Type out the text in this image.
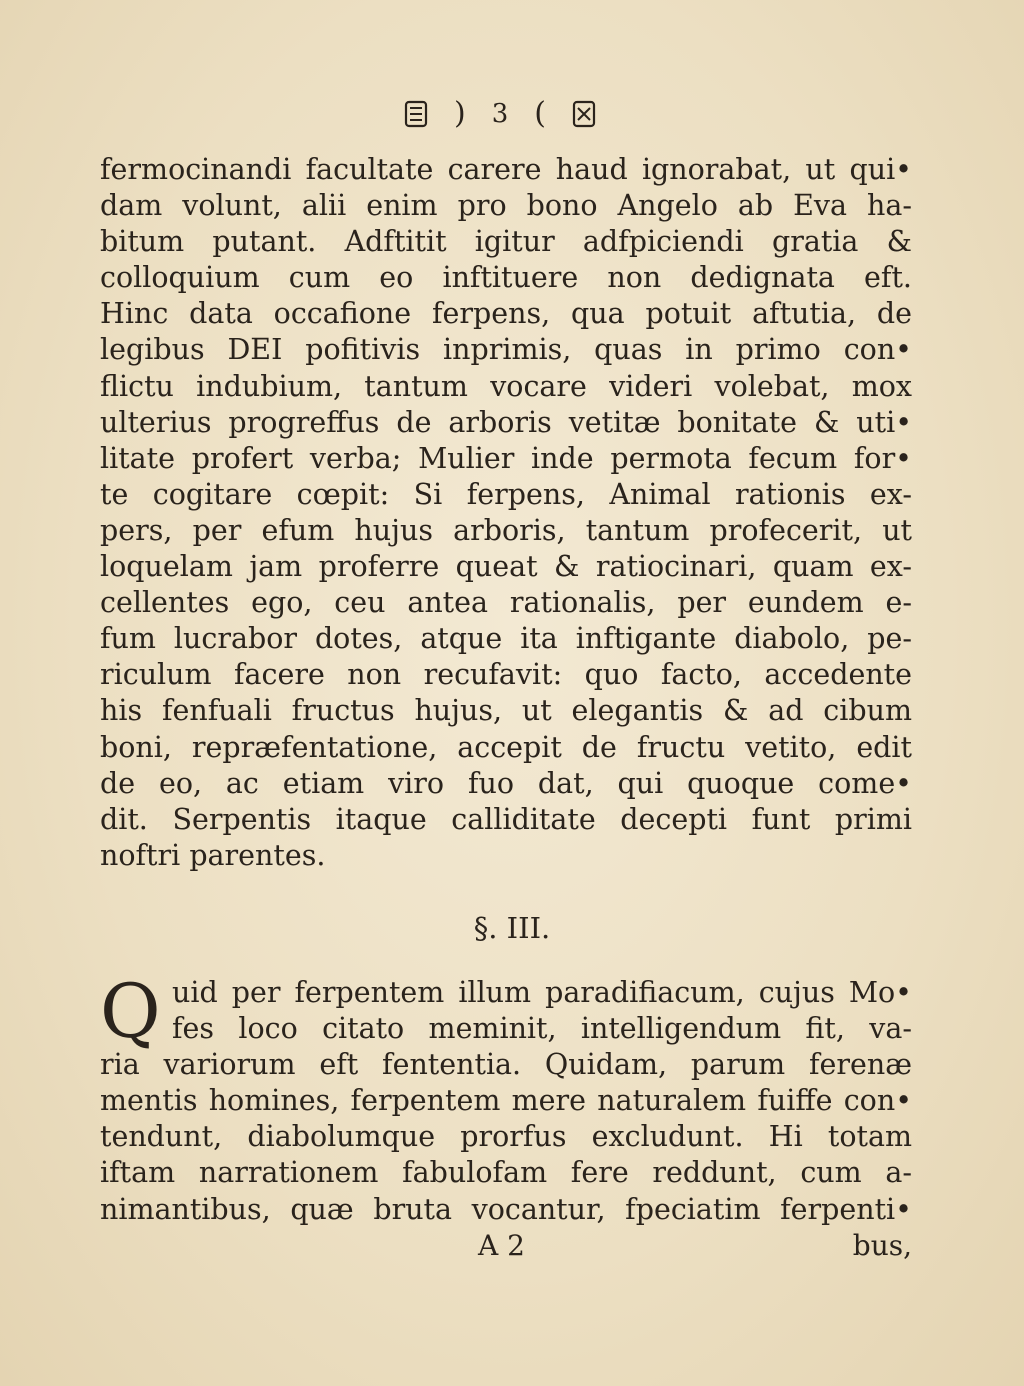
) 3 (
fermocinandi facultate carere haud ignorabat, ut qui•
dam volunt, alii enim pro bono Angelo ab Eva ha-
bitum putant. Adftitit igitur adfpiciendi gratia &
colloquium cum eo inftituere non dedignata eft.
Hinc data occafione ferpens, qua potuit aftutia, de
legibus DEI pofitivis inprimis, quas in primo con•
flictu indubium, tantum vocare videri volebat, mox
ulterius progreffus de arboris vetitæ bonitate & uti•
litate profert verba; Mulier inde permota fecum for•
te cogitare cœpit: Si ferpens, Animal rationis ex-
pers, per efum hujus arboris, tantum profecerit, ut
loquelam jam proferre queat & ratiocinari, quam ex-
cellentes ego, ceu antea rationalis, per eundem e-
fum lucrabor dotes, atque ita inftigante diabolo, pe-
riculum facere non recufavit: quo facto, accedente
his fenfuali fructus hujus, ut elegantis & ad cibum
boni, repræfentatione, accepit de fructu vetito, edit
de eo, ac etiam viro fuo dat, qui quoque come•
dit. Serpentis itaque calliditate decepti funt primi
noftri parentes.
§. III.
Q uid per ferpentem illum paradifiacum, cujus Mo•
fes loco citato meminit, intelligendum fit, va-
ria variorum eft fententia. Quidam, parum ferenæ
mentis homines, ferpentem mere naturalem fuiffe con•
tendunt, diabolumque prorfus excludunt. Hi totam
iftam narrationem fabulofam fere reddunt, cum a-
nimantibus, quæ bruta vocantur, fpeciatim ferpenti•
A 2	bus,
